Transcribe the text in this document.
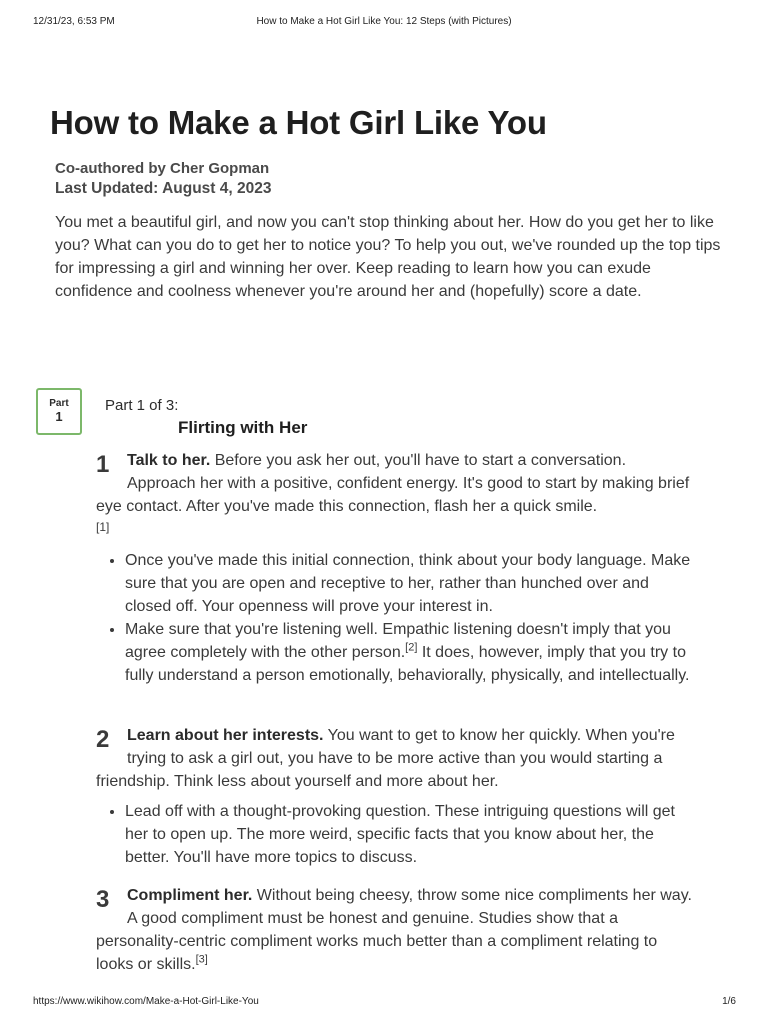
12/31/23, 6:53 PM	How to Make a Hot Girl Like You: 12 Steps (with Pictures)
How to Make a Hot Girl Like You
Co-authored by Cher Gopman
Last Updated: August 4, 2023

You met a beautiful girl, and now you can't stop thinking about her. How do you get her to like you? What can you do to get her to notice you? To help you out, we've rounded up the top tips for impressing a girl and winning her over. Keep reading to learn how you can exude confidence and coolness whenever you're around her and (hopefully) score a date.

Part
1
Part 1 of 3:
Flirting with Her
1	Talk to her. Before you ask her out, you'll have to start a conversation. Approach her with a positive, confident energy. It's good to start by making brief eye contact. After you've made this connection, flash her a quick smile.
[1]
• Once you've made this initial connection, think about your body language. Make sure that you are open and receptive to her, rather than hunched over and closed off. Your openness will prove your interest in.
• Make sure that you're listening well. Empathic listening doesn't imply that you agree completely with the other person.[2] It does, however, imply that you try to fully understand a person emotionally, behaviorally, physically, and intellectually.
2	Learn about her interests. You want to get to know her quickly. When you're trying to ask a girl out, you have to be more active than you would starting a friendship. Think less about yourself and more about her.
• Lead off with a thought-provoking question. These intriguing questions will get her to open up. The more weird, specific facts that you know about her, the better. You'll have more topics to discuss.
3	Compliment her. Without being cheesy, throw some nice compliments her way. A good compliment must be honest and genuine. Studies show that a personality-centric compliment works much better than a compliment relating to looks or skills.[3]
https://www.wikihow.com/Make-a-Hot-Girl-Like-You	1/6
